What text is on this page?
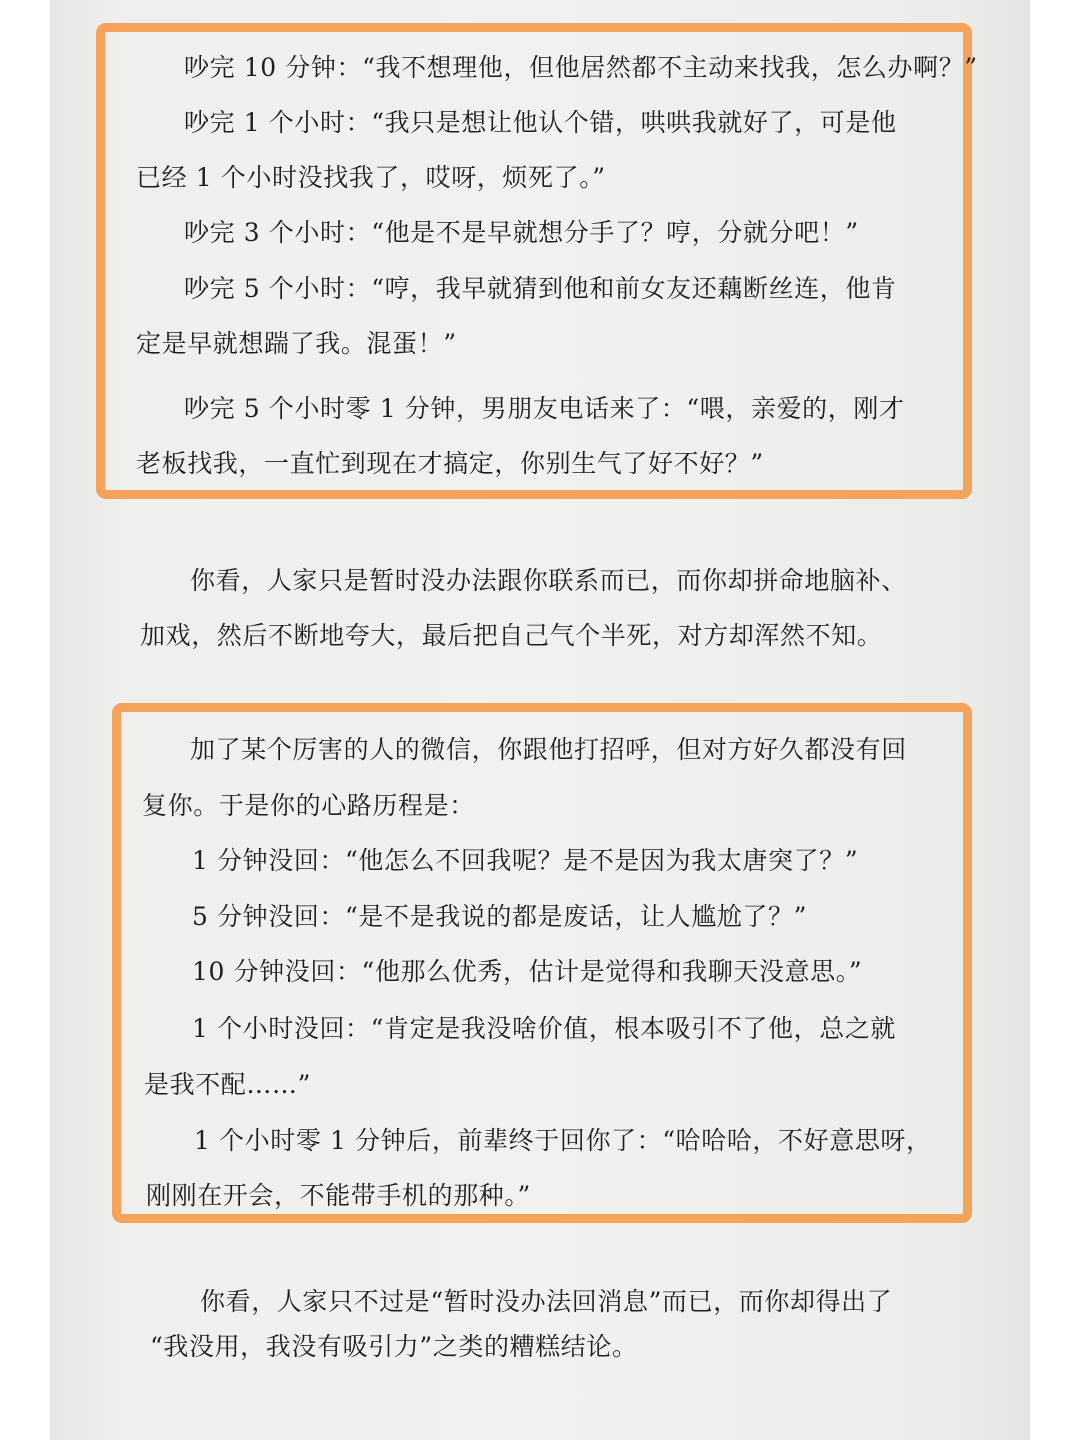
吵完 10 分钟：“我不想理他，但他居然都不主动来找我，怎么办啊？”
吵完 1 个小时：“我只是想让他认个错，哄哄我就好了，可是他
已经 1 个小时没找我了，哎呀，烦死了。”
吵完 3 个小时：“他是不是早就想分手了？哼，分就分吧！”
吵完 5 个小时：“哼，我早就猜到他和前女友还藕断丝连，他肯
定是早就想踹了我。混蛋！”
吵完 5 个小时零 1 分钟，男朋友电话来了：“喂，亲爱的，刚才
老板找我，一直忙到现在才搞定，你别生气了好不好？”
你看，人家只是暂时没办法跟你联系而已，而你却拼命地脑补、
加戏，然后不断地夸大，最后把自己气个半死，对方却浑然不知。
加了某个厉害的人的微信，你跟他打招呼，但对方好久都没有回
复你。于是你的心路历程是：
1 分钟没回：“他怎么不回我呢？是不是因为我太唐突了？”
5 分钟没回：“是不是我说的都是废话，让人尴尬了？”
10 分钟没回：“他那么优秀，估计是觉得和我聊天没意思。”
1 个小时没回：“肯定是我没啥价值，根本吸引不了他，总之就
是我不配……”
1 个小时零 1 分钟后，前辈终于回你了：“哈哈哈，不好意思呀，
刚刚在开会，不能带手机的那种。”
你看，人家只不过是“暂时没办法回消息”而已，而你却得出了
“我没用，我没有吸引力”之类的糟糕结论。
